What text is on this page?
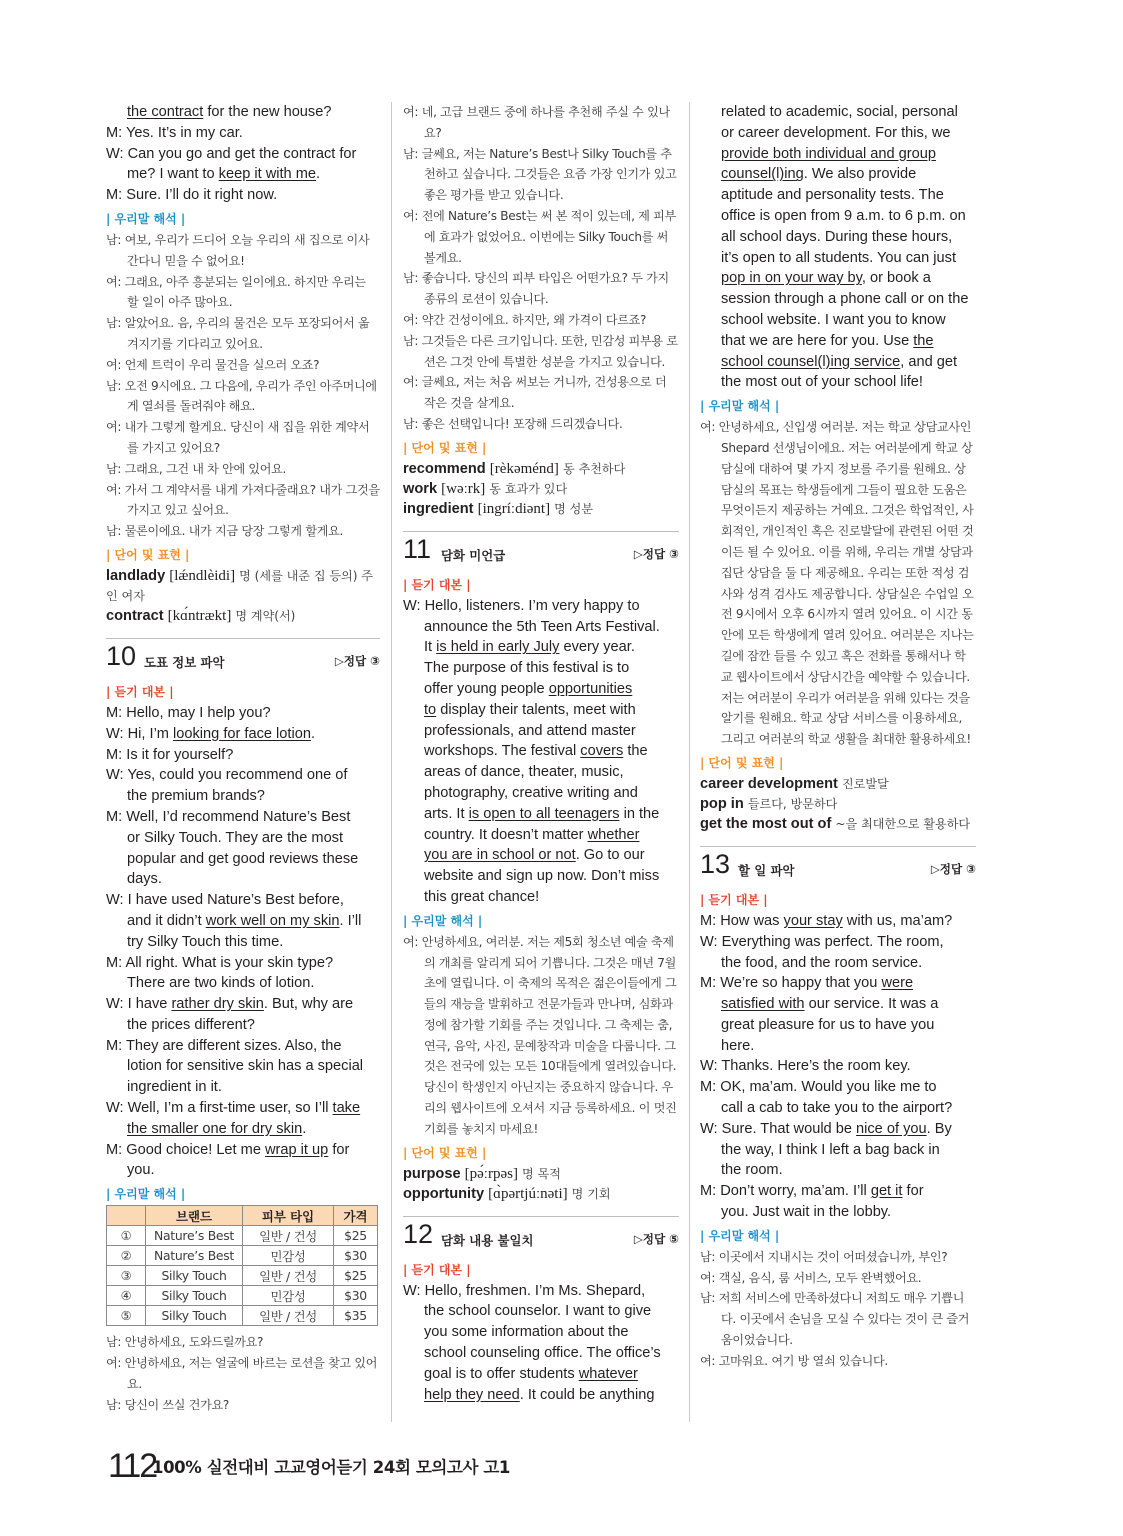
the contract for the new house?

M: Yes. It’s in my car.

W: Can you go and get the contract for

me? I want to keep it with me.

M: Sure. I’ll do it right now.

| 우리말 해석 |

남: 여보, 우리가 드디어 오늘 우리의 새 집으로 이사 간다니 믿을 수 없어요!

여: 그래요, 아주 흥분되는 일이에요. 하지만 우리는 할 일이 아주 많아요.

남: 알았어요. 음, 우리의 물건은 모두 포장되어서 옮겨지기를 기다리고 있어요.

여: 언제 트럭이 우리 물건을 실으러 오죠?

남: 오전 9시에요. 그 다음에, 우리가 주인 아주머니에게 열쇠를 돌려줘야 해요.

여: 내가 그렇게 할게요. 당신이 새 집을 위한 계약서를 가지고 있어요?

남: 그래요, 그건 내 차 안에 있어요.

여: 가서 그 계약서를 내게 가져다줄래요? 내가 그것을 가지고 있고 싶어요.

남: 물론이에요. 내가 지금 당장 그렇게 할게요.

| 단어 및 표현 |

landlady [lǽndlèidi] 명 (세를 내준 집 등의) 주인 여자

contract [kɑ́ntrækt] 명 계약(서)

10 도표 정보 파악	▷정답 ③
| 듣기 대본 |

M: Hello, may I help you?

W: Hi, I’m looking for face lotion.

M: Is it for yourself?

W: Yes, could you recommend one of

the premium brands?

M: Well, I’d recommend Nature’s Best

or Silky Touch. They are the most

popular and get good reviews these

days.

W: I have used Nature’s Best before,

and it didn’t work well on my skin. I’ll

try Silky Touch this time.

M: All right. What is your skin type?

There are two kinds of lotion.

W: I have rather dry skin. But, why are

the prices different?

M: They are different sizes. Also, the

lotion for sensitive skin has a special

ingredient in it.

W: Well, I’m a first-time user, so I’ll take

the smaller one for dry skin.

M: Good choice! Let me wrap it up for

you.

| 우리말 해석 |
	브랜드	피부 타입	가격
①	Nature’s Best	일반 / 건성	$25
②	Nature’s Best	민감성	$30
③	Silky Touch	일반 / 건성	$25
④	Silky Touch	민감성	$30
⑤	Silky Touch	일반 / 건성	$35

남: 안녕하세요, 도와드릴까요?

여: 안녕하세요, 저는 얼굴에 바르는 로션을 찾고 있어요.

남: 당신이 쓰실 건가요?

여: 네, 고급 브랜드 중에 하나를 추천해 주실 수 있나요?

남: 글쎄요, 저는 Nature’s Best나 Silky Touch를 추천하고 싶습니다. 그것들은 요즘 가장 인기가 있고 좋은 평가를 받고 있습니다.

여: 전에 Nature’s Best는 써 본 적이 있는데, 제 피부에 효과가 없었어요. 이번에는 Silky Touch를 써 볼게요.

남: 좋습니다. 당신의 피부 타입은 어떤가요? 두 가지 종류의 로션이 있습니다.

여: 약간 건성이에요. 하지만, 왜 가격이 다르죠?

남: 그것들은 다른 크기입니다. 또한, 민감성 피부용 로션은 그것 안에 특별한 성분을 가지고 있습니다.

여: 글쎄요, 저는 처음 써보는 거니까, 건성용으로 더 작은 것을 살게요.

남: 좋은 선택입니다! 포장해 드리겠습니다.

| 단어 및 표현 |

recommend [rèkəménd] 동 추천하다

work [wəːrk] 동 효과가 있다

ingredient [ingríːdiənt] 명 성분

11 담화 미언급	▷정답 ③
| 듣기 대본 |

W: Hello, listeners. I’m very happy to

announce the 5th Teen Arts Festival.

It is held in early July every year.

The purpose of this festival is to

offer young people opportunities

to display their talents, meet with

professionals, and attend master

workshops. The festival covers the

areas of dance, theater, music,

photography, creative writing and

arts. It is open to all teenagers in the

country. It doesn’t matter whether

you are in school or not. Go to our

website and sign up now. Don’t miss

this great chance!

| 우리말 해석 |

여: 안녕하세요, 여러분. 저는 제5회 청소년 예술 축제의 개최를 알리게 되어 기쁩니다. 그것은 매년 7월 초에 열립니다. 이 축제의 목적은 젊은이들에게 그들의 재능을 발휘하고 전문가들과 만나며, 심화과정에 참가할 기회를 주는 것입니다. 그 축제는 춤, 연극, 음악, 사진, 문예창작과 미술을 다룹니다. 그것은 전국에 있는 모든 10대들에게 열려있습니다. 당신이 학생인지 아닌지는 중요하지 않습니다. 우리의 웹사이트에 오셔서 지금 등록하세요. 이 멋진 기회를 놓치지 마세요!

| 단어 및 표현 |

purpose [pə́ːrpəs] 명 목적

opportunity [ɑ̀pərtjúːnəti] 명 기회

12 담화 내용 불일치	▷정답 ⑤
| 듣기 대본 |

W: Hello, freshmen. I’m Ms. Shepard,

the school counselor. I want to give

you some information about the

school counseling office. The office’s

goal is to offer students whatever

help they need. It could be anything

related to academic, social, personal

or career development. For this, we

provide both individual and group

counsel(l)ing. We also provide

aptitude and personality tests. The

office is open from 9 a.m. to 6 p.m. on

all school days. During these hours,

it’s open to all students. You can just

pop in on your way by, or book a

session through a phone call or on the

school website. I want you to know

that we are here for you. Use the

school counsel(l)ing service, and get

the most out of your school life!

| 우리말 해석 |

여: 안녕하세요, 신입생 여러분. 저는 학교 상담교사인 Shepard 선생님이에요. 저는 여러분에게 학교 상담실에 대하여 몇 가지 정보를 주기를 원해요. 상담실의 목표는 학생들에게 그들이 필요한 도움은 무엇이든지 제공하는 거예요. 그것은 학업적인, 사회적인, 개인적인 혹은 진로발달에 관련된 어떤 것이든 될 수 있어요. 이를 위해, 우리는 개별 상담과 집단 상담을 둘 다 제공해요. 우리는 또한 적성 검사와 성격 검사도 제공합니다. 상담실은 수업일 오전 9시에서 오후 6시까지 열려 있어요. 이 시간 동안에 모든 학생에게 열려 있어요. 여러분은 지나는 길에 잠깐 들를 수 있고 혹은 전화를 통해서나 학교 웹사이트에서 상담시간을 예약할 수 있습니다. 저는 여러분이 우리가 여러분을 위해 있다는 것을 알기를 원해요. 학교 상담 서비스를 이용하세요, 그리고 여러분의 학교 생활을 최대한 활용하세요!

| 단어 및 표현 |

career development 진로발달

pop in 들르다, 방문하다

get the most out of ~을 최대한으로 활용하다

13 할 일 파악	▷정답 ③
| 듣기 대본 |

M: How was your stay with us, ma’am?

W: Everything was perfect. The room,

the food, and the room service.

M: We’re so happy that you were

satisfied with our service. It was a

great pleasure for us to have you

here.

W: Thanks. Here’s the room key.

M: OK, ma’am. Would you like me to

call a cab to take you to the airport?

W: Sure. That would be nice of you. By

the way, I think I left a bag back in

the room.

M: Don’t worry, ma’am. I’ll get it for

you. Just wait in the lobby.

| 우리말 해석 |

남: 이곳에서 지내시는 것이 어떠셨습니까, 부인?

여: 객실, 음식, 룸 서비스, 모두 완벽했어요.

남: 저희 서비스에 만족하셨다니 저희도 매우 기쁩니다. 이곳에서 손님을 모실 수 있다는 것이 큰 즐거움이었습니다.

여: 고마워요. 여기 방 열쇠 있습니다.

112
100% 실전대비 고교영어듣기 24회 모의고사 고1
